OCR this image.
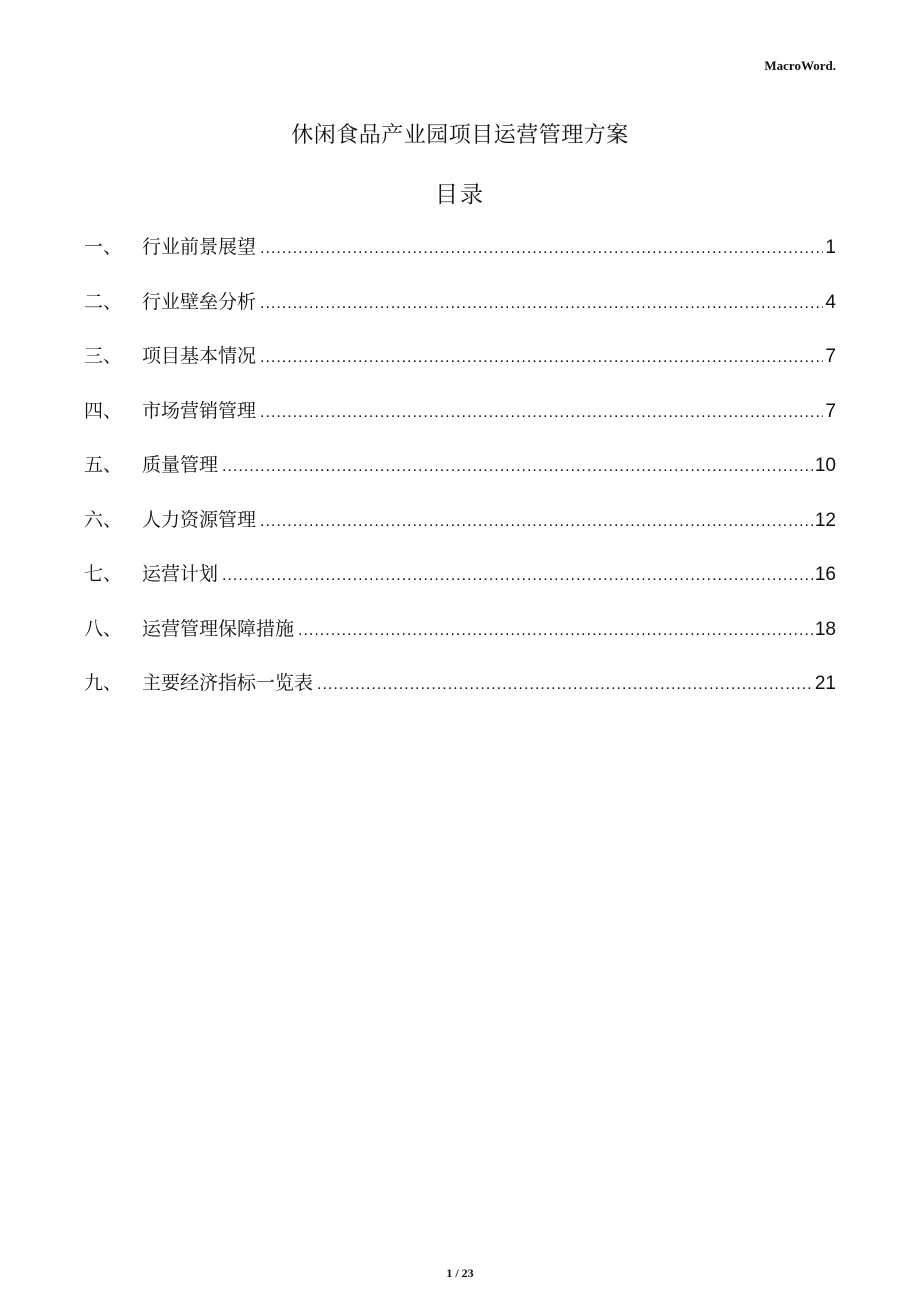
MacroWord.
休闲食品产业园项目运营管理方案
目录
一、	行业前景展望 .....	1
二、	行业壁垒分析 .....	4
三、	项目基本情况 .....	7
四、	市场营销管理 .....	7
五、	质量管理 .....	10
六、	人力资源管理 .....	12
七、	运营计划 .....	16
八、	运营管理保障措施 .....	18
九、	主要经济指标一览表 .....	21
1 / 23
